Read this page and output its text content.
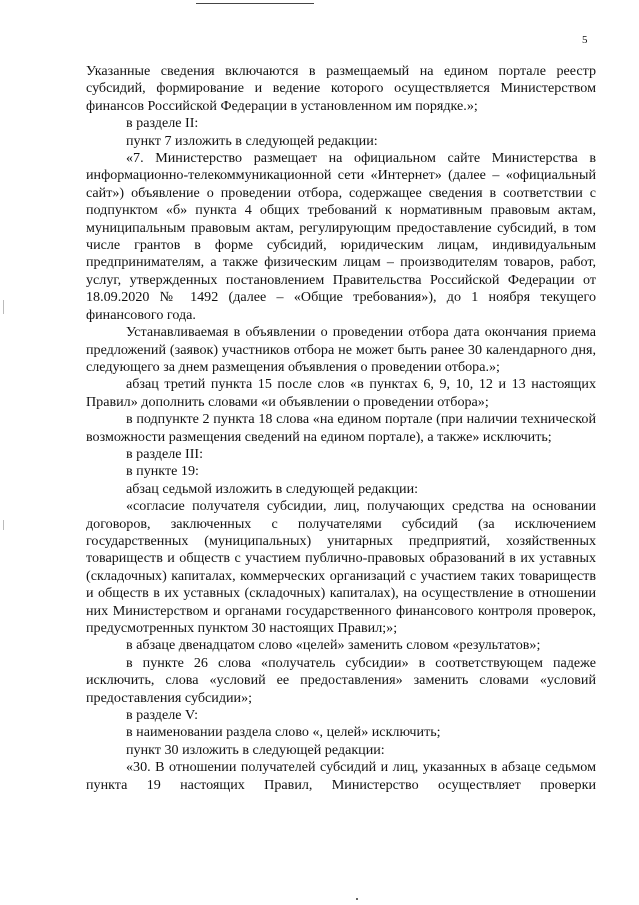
5

Указанные сведения включаются в размещаемый на едином портале реестр субсидий, формирование и ведение которого осуществляется Министерством финансов Российской Федерации в установленном им порядке.»;

в разделе II:

пункт 7 изложить в следующей редакции:

«7. Министерство размещает на официальном сайте Министерства в информационно-телекоммуникационной сети «Интернет» (далее – «официальный сайт») объявление о проведении отбора, содержащее сведения в соответствии с подпунктом «б» пункта 4 общих требований к нормативным правовым актам, муниципальным правовым актам, регулирующим предоставление субсидий, в том числе грантов в форме субсидий, юридическим лицам, индивидуальным предпринимателям, а также физическим лицам – производителям товаров, работ, услуг, утвержденных постановлением Правительства Российской Федерации от 18.09.2020 № 1492 (далее – «Общие требования»), до 1 ноября текущего финансового года.

Устанавливаемая в объявлении о проведении отбора дата окончания приема предложений (заявок) участников отбора не может быть ранее 30 календарного дня, следующего за днем размещения объявления о проведении отбора.»;

абзац третий пункта 15 после слов «в пунктах 6, 9, 10, 12 и 13 настоящих Правил» дополнить словами «и объявлении о проведении отбора»;

в подпункте 2 пункта 18 слова «на едином портале (при наличии технической возможности размещения сведений на едином портале), а также» исключить;

в разделе III:

в пункте 19:

абзац седьмой изложить в следующей редакции:

«согласие получателя субсидии, лиц, получающих средства на основании договоров, заключенных с получателями субсидий (за исключением государственных (муниципальных) унитарных предприятий, хозяйственных товариществ и обществ с участием публично-правовых образований в их уставных (складочных) капиталах, коммерческих организаций с участием таких товариществ и обществ в их уставных (складочных) капиталах), на осуществление в отношении них Министерством и органами государственного финансового контроля проверок, предусмотренных пунктом 30 настоящих Правил;»;

в абзаце двенадцатом слово «целей» заменить словом «результатов»;

в пункте 26 слова «получатель субсидии» в соответствующем падеже исключить, слова «условий ее предоставления» заменить словами «условий предоставления субсидии»;

в разделе V:

в наименовании раздела слово «, целей» исключить;

пункт 30 изложить в следующей редакции:

«30. В отношении получателей субсидий и лиц, указанных в абзаце седьмом пункта 19 настоящих Правил, Министерство осуществляет проверки
